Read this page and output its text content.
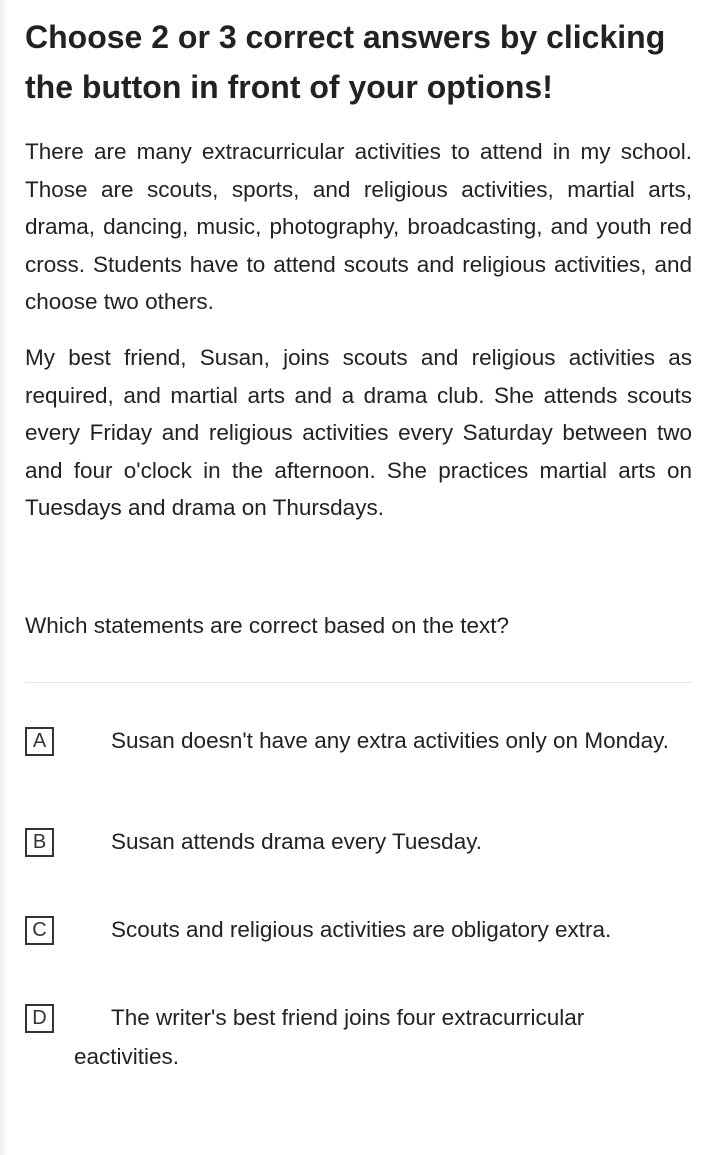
Choose 2 or 3 correct answers by clicking the button in front of your options!

There are many extracurricular activities to attend in my school. Those are scouts, sports, and religious activities, martial arts, drama, dancing, music, photography, broadcasting, and youth red cross. Students have to attend scouts and religious activities, and choose two others.

My best friend, Susan, joins scouts and religious activities as required, and martial arts and a drama club. She attends scouts every Friday and religious activities every Saturday between two and four o'clock in the afternoon. She practices martial arts on Tuesdays and drama on Thursdays.

Which statements are correct based on the text?

A	Susan doesn't have any extra activities only on Monday.

B	Susan attends drama every Tuesday.

C	Scouts and religious activities are obligatory extra.

D	The writer's best friend joins four extracurricular eactivities.
